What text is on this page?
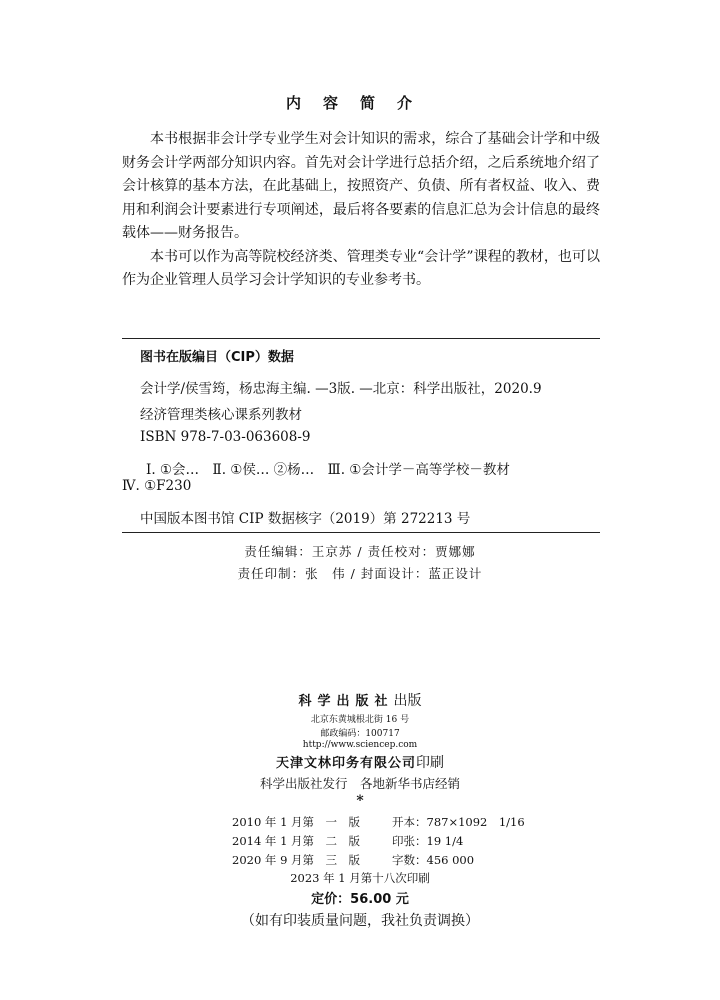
内容简介

本书根据非会计学专业学生对会计知识的需求，综合了基础会计学和中级财务会计学两部分知识内容。首先对会计学进行总括介绍，之后系统地介绍了会计核算的基本方法，在此基础上，按照资产、负债、所有者权益、收入、费用和利润会计要素进行专项阐述，最后将各要素的信息汇总为会计信息的最终载体——财务报告。

本书可以作为高等院校经济类、管理类专业“会计学”课程的教材，也可以作为企业管理人员学习会计学知识的专业参考书。

图书在版编目（CIP）数据
会计学/侯雪筠，杨忠海主编. —3版. —北京：科学出版社，2020.9
经济管理类核心课系列教材
ISBN 978-7-03-063608-9
Ⅰ. ①会…　Ⅱ. ①侯… ②杨…　Ⅲ. ①会计学－高等学校－教材
Ⅳ. ①F230
中国版本图书馆 CIP 数据核字（2019）第 272213 号
责任编辑：王京苏 / 责任校对：贾娜娜
责任印制：张　伟 / 封面设计：蓝正设计
科学出版社出版
北京东黄城根北街 16 号
邮政编码：100717
http://www.sciencep.com
天津文林印务有限公司印刷
科学出版社发行　各地新华书店经销
*
2010 年 1 月第　一　版	开本：787×1092　1/16
2014 年 1 月第　二　版	印张：19 1/4
2020 年 9 月第　三　版	字数：456 000
2023 年 1 月第十八次印刷
定价：56.00 元
（如有印装质量问题，我社负责调换）
